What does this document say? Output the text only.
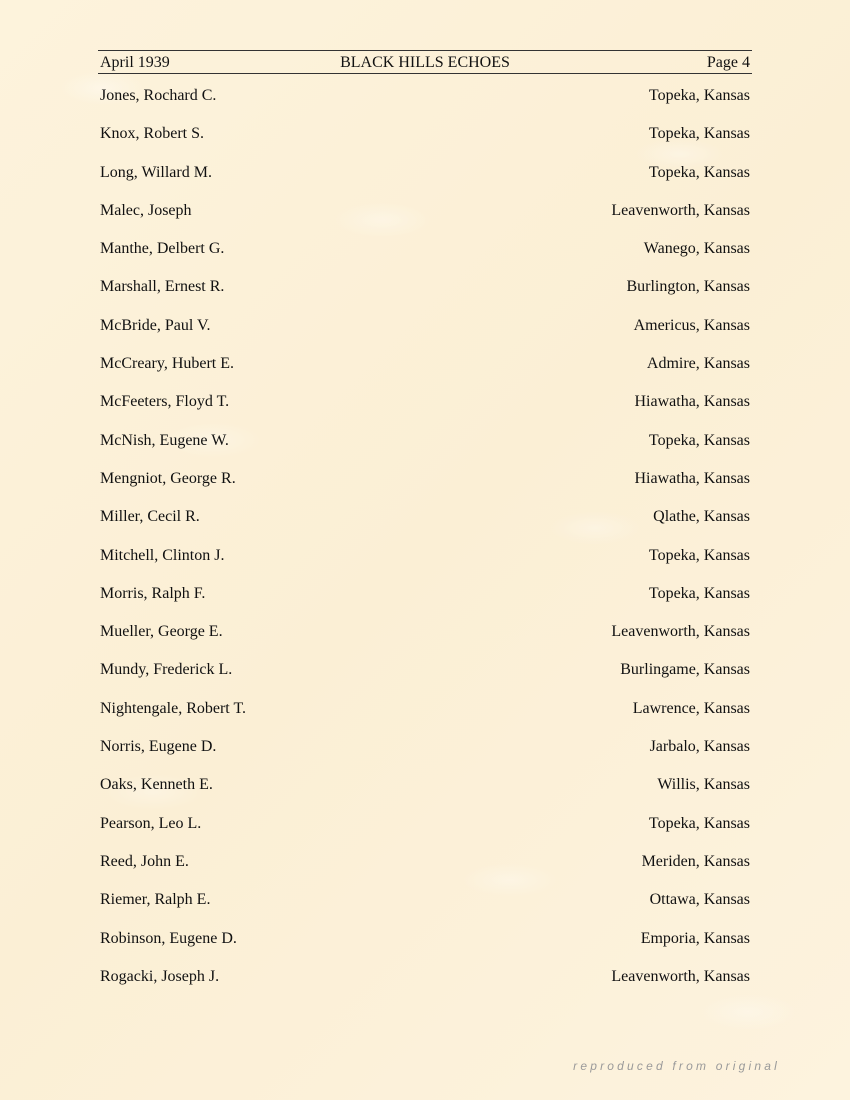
April 1939	BLACK HILLS ECHOES	Page 4
Jones, Rochard C.	Topeka, Kansas
Knox, Robert S.	Topeka, Kansas
Long, Willard M.	Topeka, Kansas
Malec, Joseph	Leavenworth, Kansas
Manthe, Delbert G.	Wanego, Kansas
Marshall, Ernest R.	Burlington, Kansas
McBride, Paul V.	Americus, Kansas
McCreary, Hubert E.	Admire, Kansas
McFeeters, Floyd T.	Hiawatha, Kansas
McNish, Eugene W.	Topeka, Kansas
Mengniot, George R.	Hiawatha, Kansas
Miller, Cecil R.	Qlathe, Kansas
Mitchell, Clinton J.	Topeka, Kansas
Morris, Ralph F.	Topeka, Kansas
Mueller, George E.	Leavenworth, Kansas
Mundy, Frederick L.	Burlingame, Kansas
Nightengale, Robert T.	Lawrence, Kansas
Norris, Eugene D.	Jarbalo, Kansas
Oaks, Kenneth E.	Willis, Kansas
Pearson, Leo L.	Topeka, Kansas
Reed, John E.	Meriden, Kansas
Riemer, Ralph E.	Ottawa, Kansas
Robinson, Eugene D.	Emporia, Kansas
Rogacki, Joseph J.	Leavenworth, Kansas
reproduced from original
